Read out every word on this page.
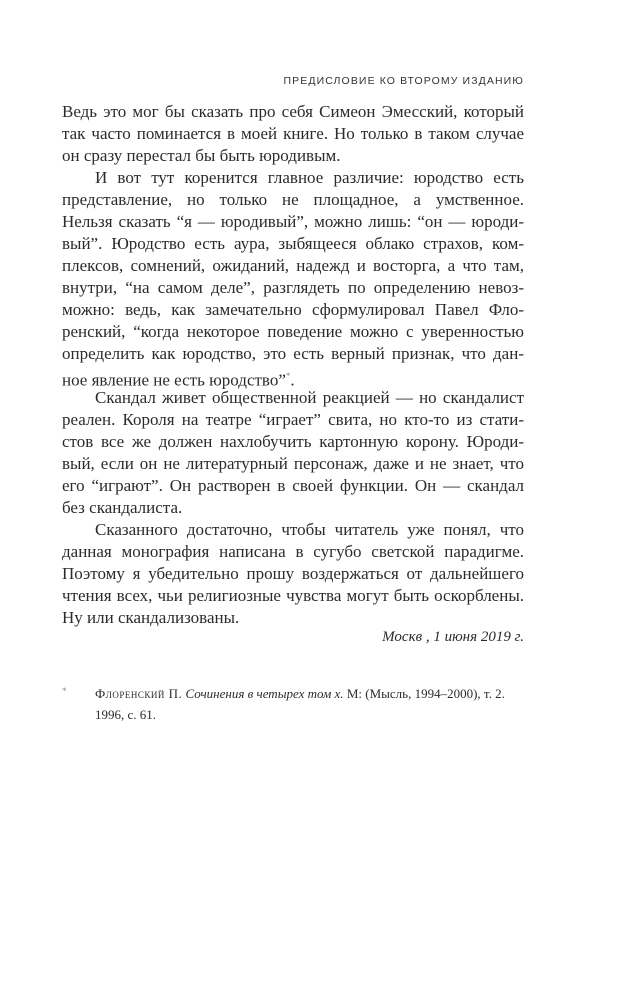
ПРЕДИСЛОВИЕ КО ВТОРОМУ ИЗДАНИЮ
Ведь это мог бы сказать про себя Симеон Эмесский, который
так часто поминается в моей книге. Но только в таком случае
он сразу перестал бы быть юродивым.
И вот тут коренится главное различие: юродство есть
представление, но только не площадное, а умственное.
Нельзя сказать “я — юродивый”, можно лишь: “он — юроди-
вый”. Юродство есть аура, зыбящееся облако страхов, ком-
плексов, сомнений, ожиданий, надежд и восторга, а что там,
внутри, “на самом деле”, разглядеть по определению невоз-
можно: ведь, как замечательно сформулировал Павел Фло-
ренский, “когда некоторое поведение можно с уверенностью
определить как юродство, это есть верный признак, что дан-
ное явление не есть юродство”*.
Скандал живет общественной реакцией — но скандалист
реален. Короля на театре “играет” свита, но кто-то из стати-
стов все же должен нахлобучить картонную корону. Юроди-
вый, если он не литературный персонаж, даже и не знает, что
его “играют”. Он растворен в своей функции. Он — скандал
без скандалиста.
Сказанного достаточно, чтобы читатель уже понял, что
данная монография написана в сугубо светской парадигме.
Поэтому я убедительно прошу воздержаться от дальнейшего
чтения всех, чьи религиозные чувства могут быть оскорблены.
Ну или скандализованы.
Москв , 1 июня 2019 г.
* Флоренский П. Сочинения в четырех том х. М: (Мысль, 1994–2000), т. 2. 1996, с. 61.
